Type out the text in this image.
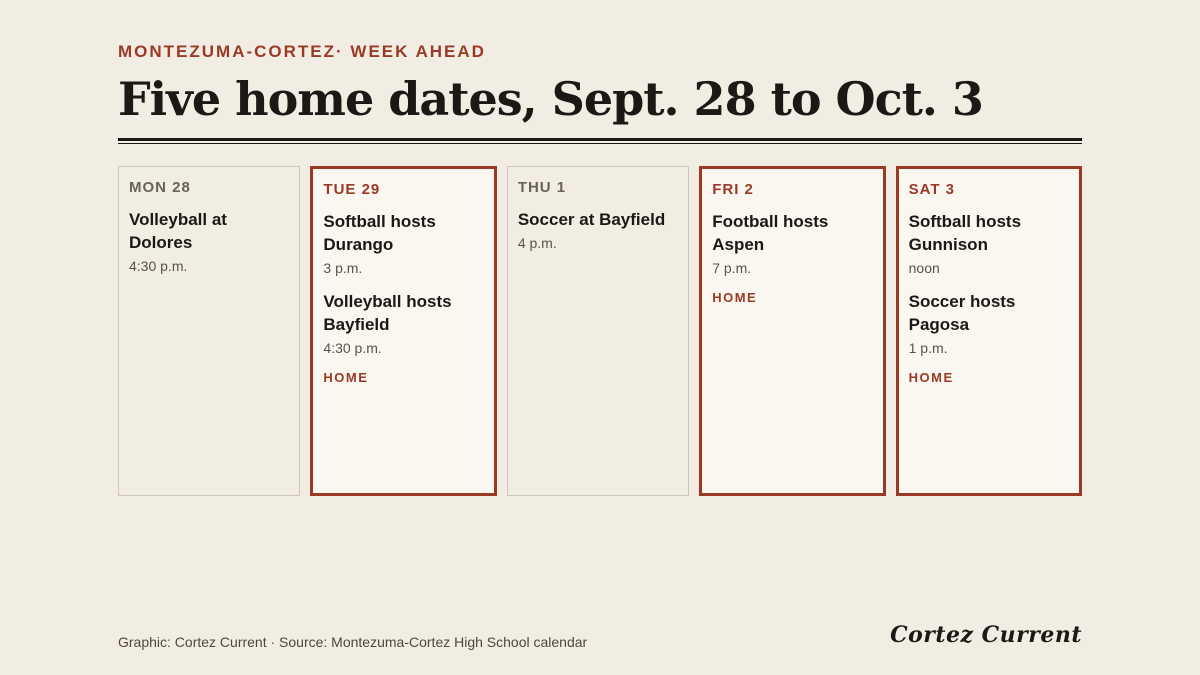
MONTEZUMA-CORTEZ· WEEK AHEAD
Five home dates, Sept. 28 to Oct. 3
MON 28
Volleyball at Dolores
4:30 p.m.
TUE 29
Softball hosts Durango
3 p.m.
Volleyball hosts Bayfield
4:30 p.m.
HOME
THU 1
Soccer at Bayfield
4 p.m.
FRI 2
Football hosts Aspen
7 p.m.
HOME
SAT 3
Softball hosts Gunnison
noon
Soccer hosts Pagosa
1 p.m.
HOME
Graphic: Cortez Current · Source: Montezuma-Cortez High School calendar	Cortez Current
